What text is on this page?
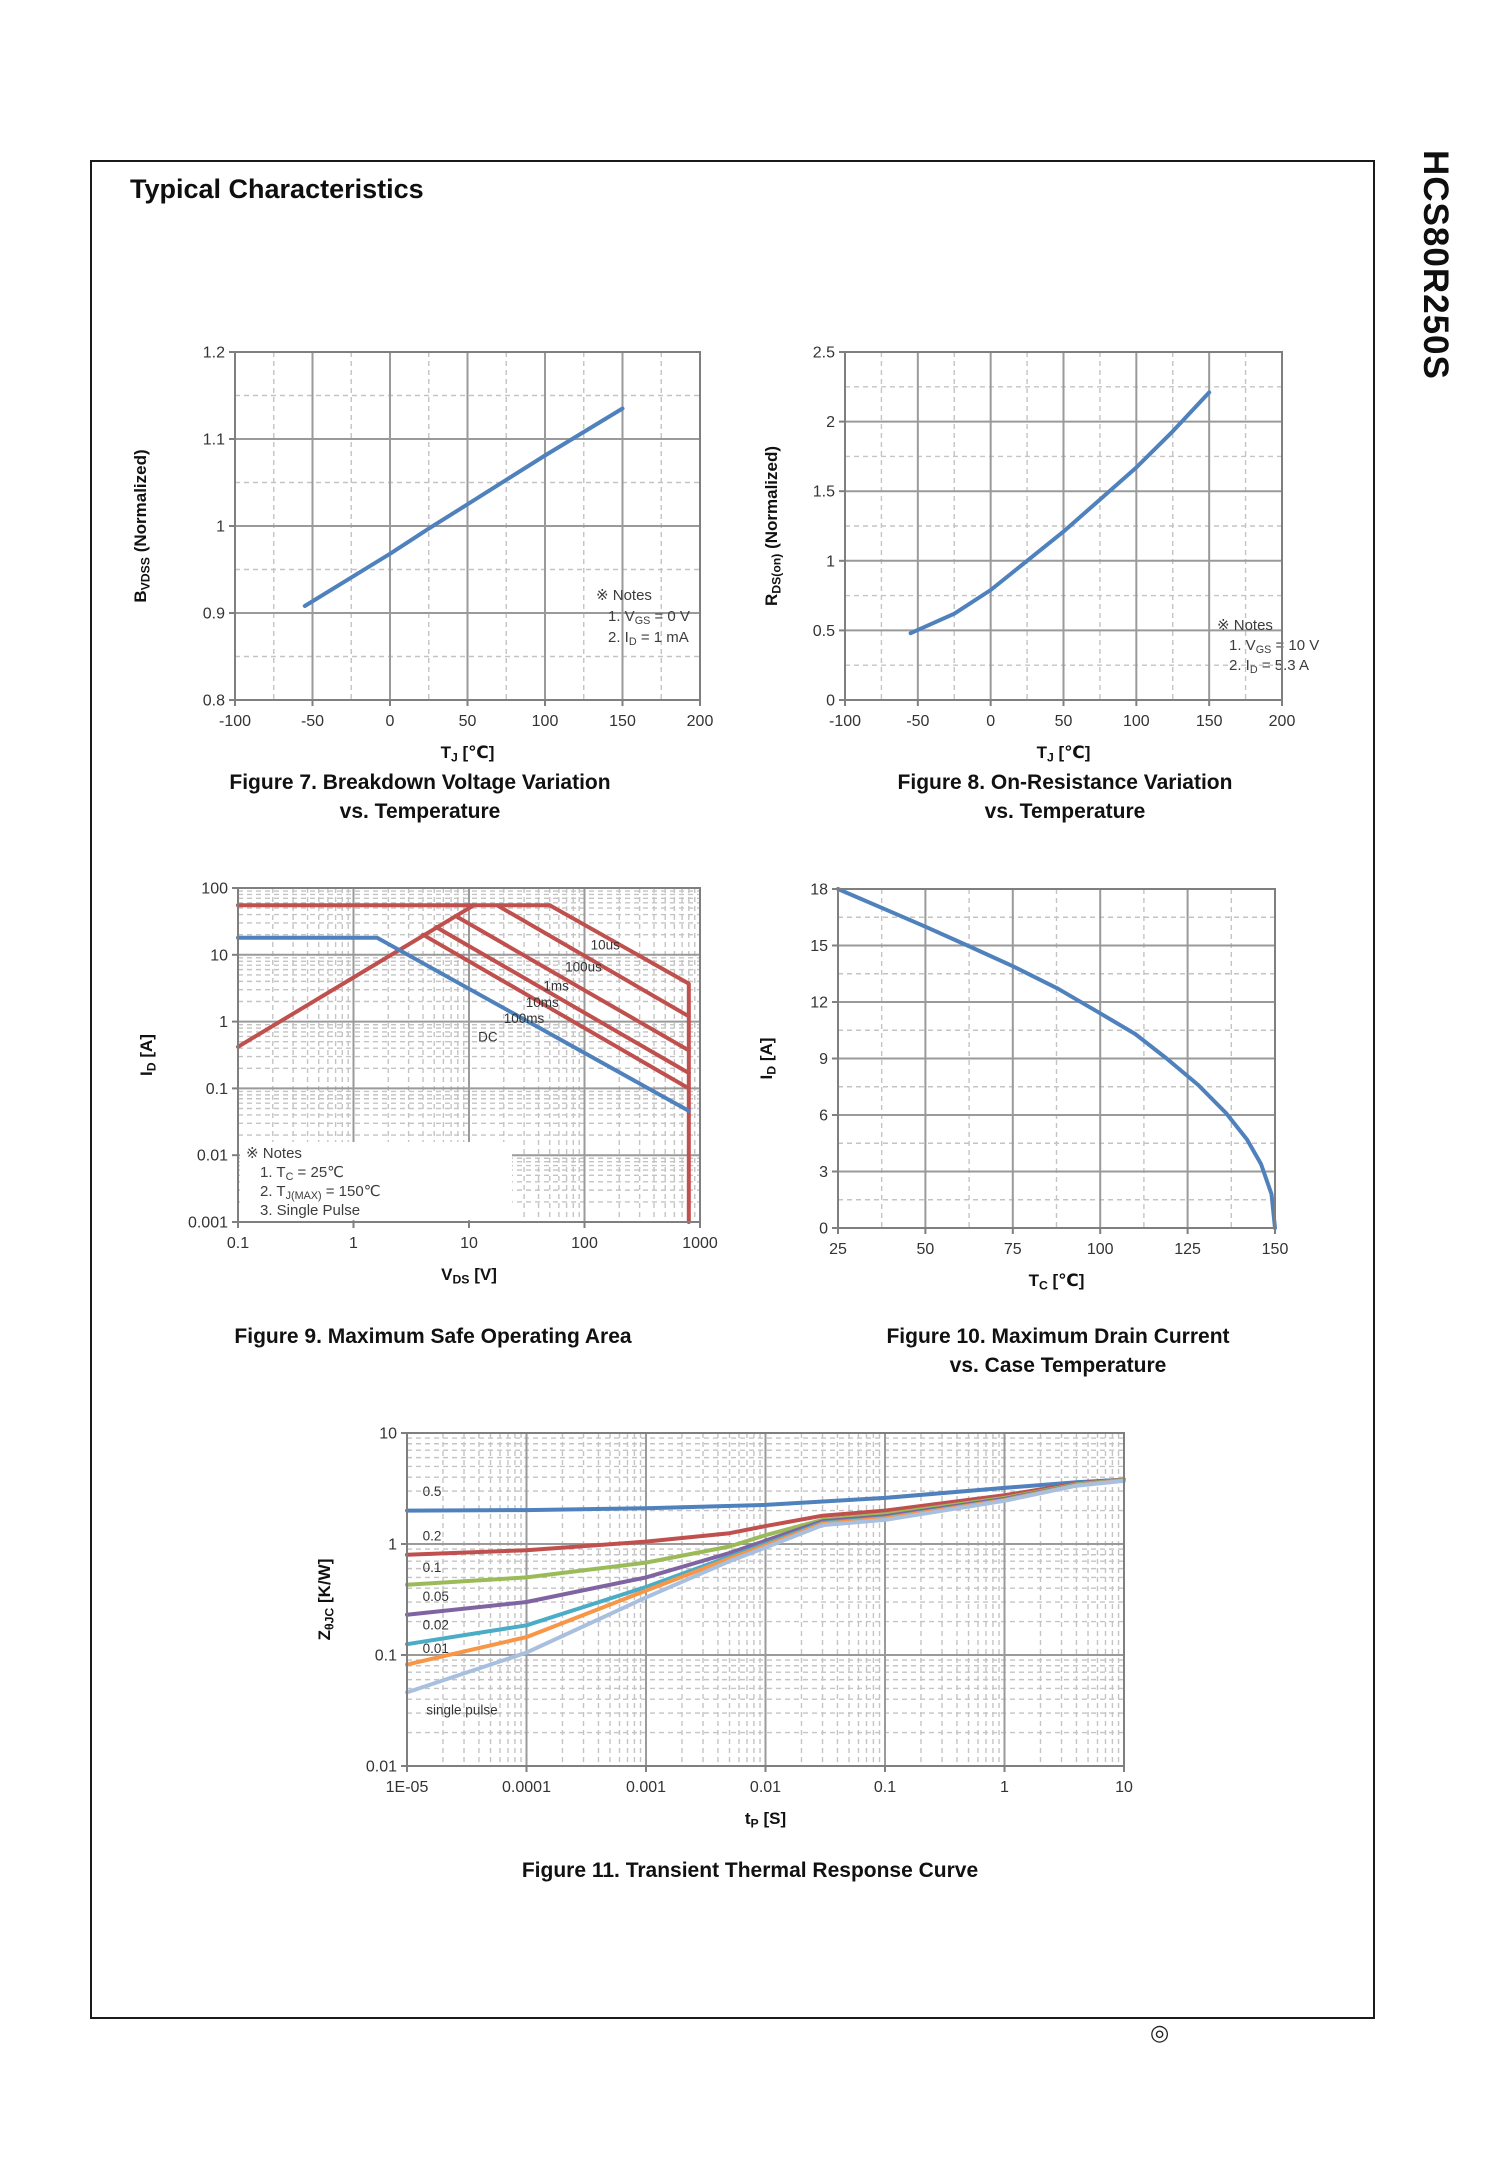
Typical Characteristics	HCS80R250S
※ Notes
1. $V_{GS} = 0$ V
2. $I_D = 1$ mA
-100	-50	0	50	100	150	200
0.8
0.9
1
1.1
1.2
$T_J$ [℃]
$B_{VDSS}$ (Normalized)
※ Notes
1. $V_{GS} = 10$ V
2. $I_D = 5.3$ A
-100	-50	0	50	100	150	200
0
0.5
1
1.5
2
2.5
$T_J$ [℃]
$R_{DS(on)}$ (Normalized)
10us
100us
1ms
10ms
100ms
DC
※ Notes
1. $T_C$ = 25℃
2. $T_{J(MAX)}$ = 150℃
3. Single Pulse
0.1	1	10	100	1000
100
10
1
0.1
0.01
0.001
$V_{DS}$ [V]
$I_D$ [A]
25	50	75	100	125	150
0
3
6
9
12
15
18
$T_C$ [℃]
$I_D$ [A]
0.5
0.2
0.1
0.05
0.02
0.01
single pulse
1E-05	0.0001	0.001	0.01	0.1	1	10
10
1
0.1
0.01
$t_P$ [S]
$Z_{\theta JC}$ [K/W]
Figure 7. Breakdown Voltage Variation
vs. Temperature
Figure 8. On-Resistance Variation
vs. Temperature
Figure 9. Maximum Safe Operating Area	Figure 10. Maximum Drain Current
vs. Case Temperature
Figure 11. Transient Thermal Response Curve
◎
